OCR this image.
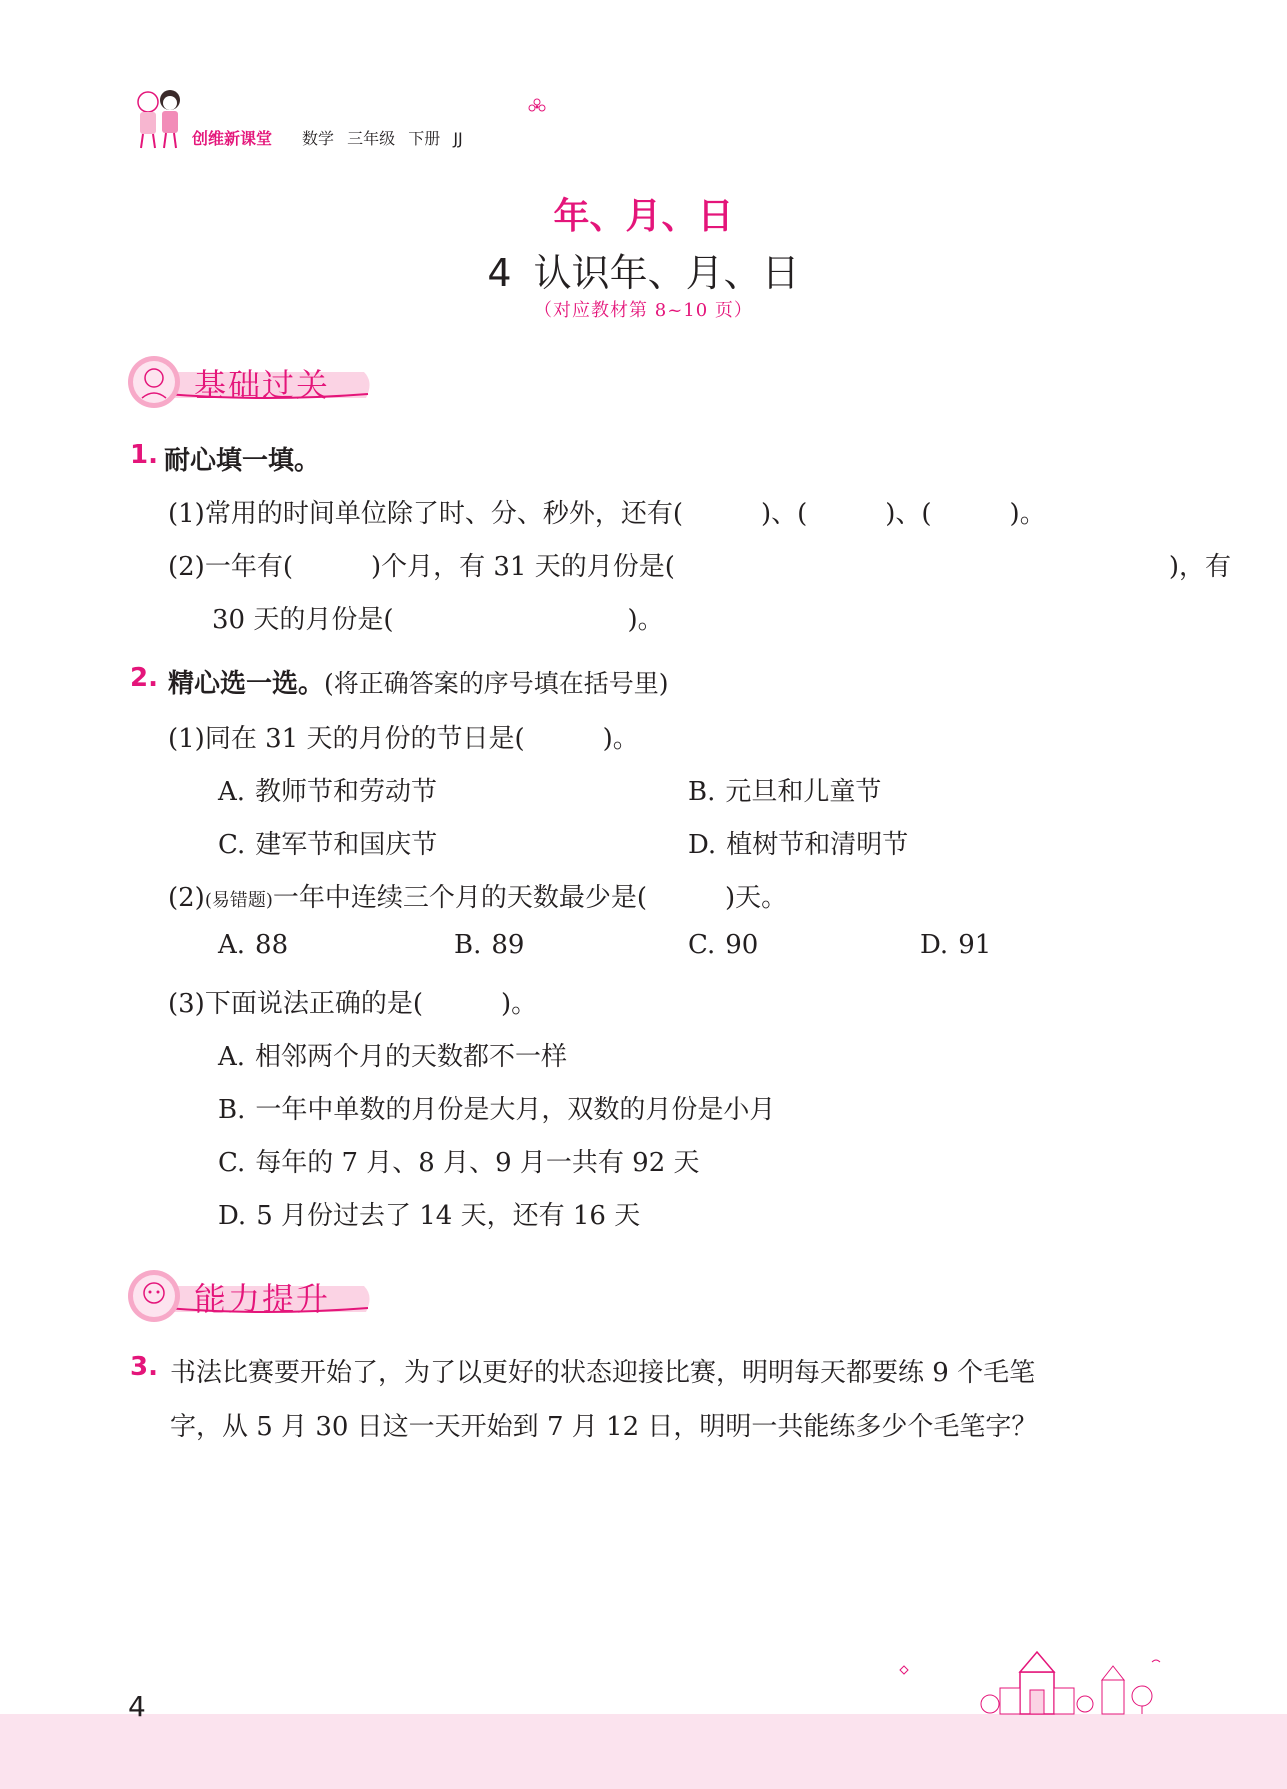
创维新课堂 数学 三年级 下册 JJ
年、月、日
4 认识年、月、日
（对应教材第 8~10 页）
基础过关
1. 耐心填一填。
(1)常用的时间单位除了时、分、秒外，还有(　　　)、(　　　)、(　　　)。
(2)一年有(　　　)个月，有 31 天的月份是(　　　　　　　　　　　　　　　　　　　)，有
30 天的月份是(　　　　　　　　　)。
2. 精心选一选。(将正确答案的序号填在括号里)
(1)同在 31 天的月份的节日是(　　　)。
A. 教师节和劳动节	B. 元旦和儿童节
C. 建军节和国庆节	D. 植树节和清明节
(2)(易错题)一年中连续三个月的天数最少是(　　　)天。
A. 88	B. 89	C. 90	D. 91
(3)下面说法正确的是(　　　)。
A. 相邻两个月的天数都不一样
B. 一年中单数的月份是大月，双数的月份是小月
C. 每年的 7 月、8 月、9 月一共有 92 天
D. 5 月份过去了 14 天，还有 16 天
能力提升
3. 书法比赛要开始了，为了以更好的状态迎接比赛，明明每天都要练 9 个毛笔
字，从 5 月 30 日这一天开始到 7 月 12 日，明明一共能练多少个毛笔字？
4
